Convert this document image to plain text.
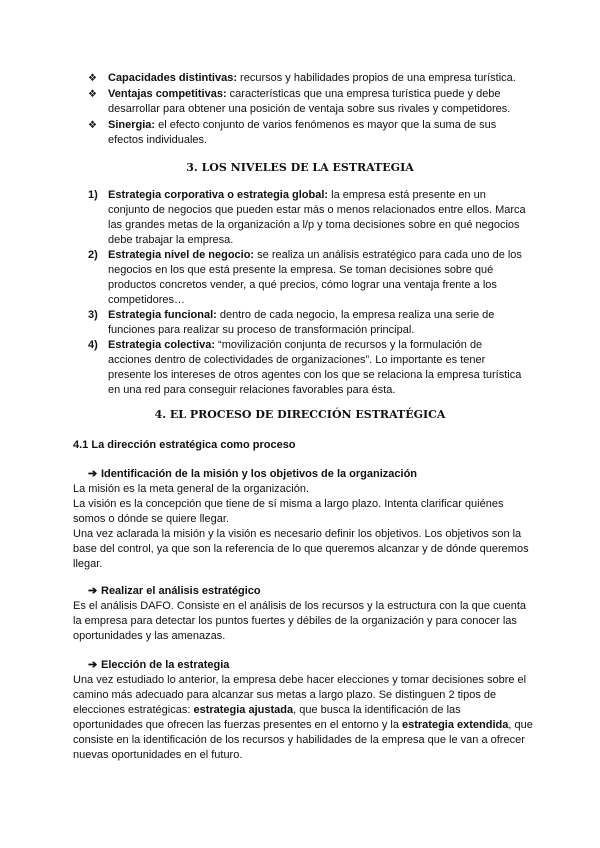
❖ Capacidades distintivas: recursos y habilidades propios de una empresa turística.
❖ Ventajas competitivas: características que una empresa turística puede y debe desarrollar para obtener una posición de ventaja sobre sus rivales y competidores.
❖ Sinergia: el efecto conjunto de varios fenómenos es mayor que la suma de sus efectos individuales.
3. LOS NIVELES DE LA ESTRATEGIA
1) Estrategia corporativa o estrategia global: la empresa está presente en un conjunto de negocios que pueden estar más o menos relacionados entre ellos. Marca las grandes metas de la organización a l/p y toma decisiones sobre en qué negocios debe trabajar la empresa.
2) Estrategia nivel de negocio: se realiza un análisis estratégico para cada uno de los negocios en los que está presente la empresa. Se toman decisiones sobre qué productos concretos vender, a qué precios, cómo lograr una ventaja frente a los competidores…
3) Estrategia funcional: dentro de cada negocio, la empresa realiza una serie de funciones para realizar su proceso de transformación principal.
4) Estrategia colectiva: “movilización conjunta de recursos y la formulación de acciones dentro de colectividades de organizaciones”. Lo importante es tener presente los intereses de otros agentes con los que se relaciona la empresa turística en una red para conseguir relaciones favorables para ésta.
4. EL PROCESO DE DIRECCIÓN ESTRATÉGICA
4.1 La dirección estratégica como proceso
➔ Identificación de la misión y los objetivos de la organización

La misión es la meta general de la organización.

La visión es la concepción que tiene de sí misma a largo plazo. Intenta clarificar quiénes somos o dónde se quiere llegar.

Una vez aclarada la misión y la visión es necesario definir los objetivos. Los objetivos son la base del control, ya que son la referencia de lo que queremos alcanzar y de dónde queremos llegar.

➔ Realizar el análisis estratégico

Es el análisis DAFO. Consiste en el análisis de los recursos y la estructura con la que cuenta la empresa para detectar los puntos fuertes y débiles de la organización y para conocer las oportunidades y las amenazas.

➔ Elección de la estrategia

Una vez estudiado lo anterior, la empresa debe hacer elecciones y tomar decisiones sobre el camino más adecuado para alcanzar sus metas a largo plazo. Se distinguen 2 tipos de elecciones estratégicas: estrategia ajustada, que busca la identificación de las oportunidades que ofrecen las fuerzas presentes en el entorno y la estrategia extendida, que consiste en la identificación de los recursos y habilidades de la empresa que le van a ofrecer nuevas oportunidades en el futuro.
